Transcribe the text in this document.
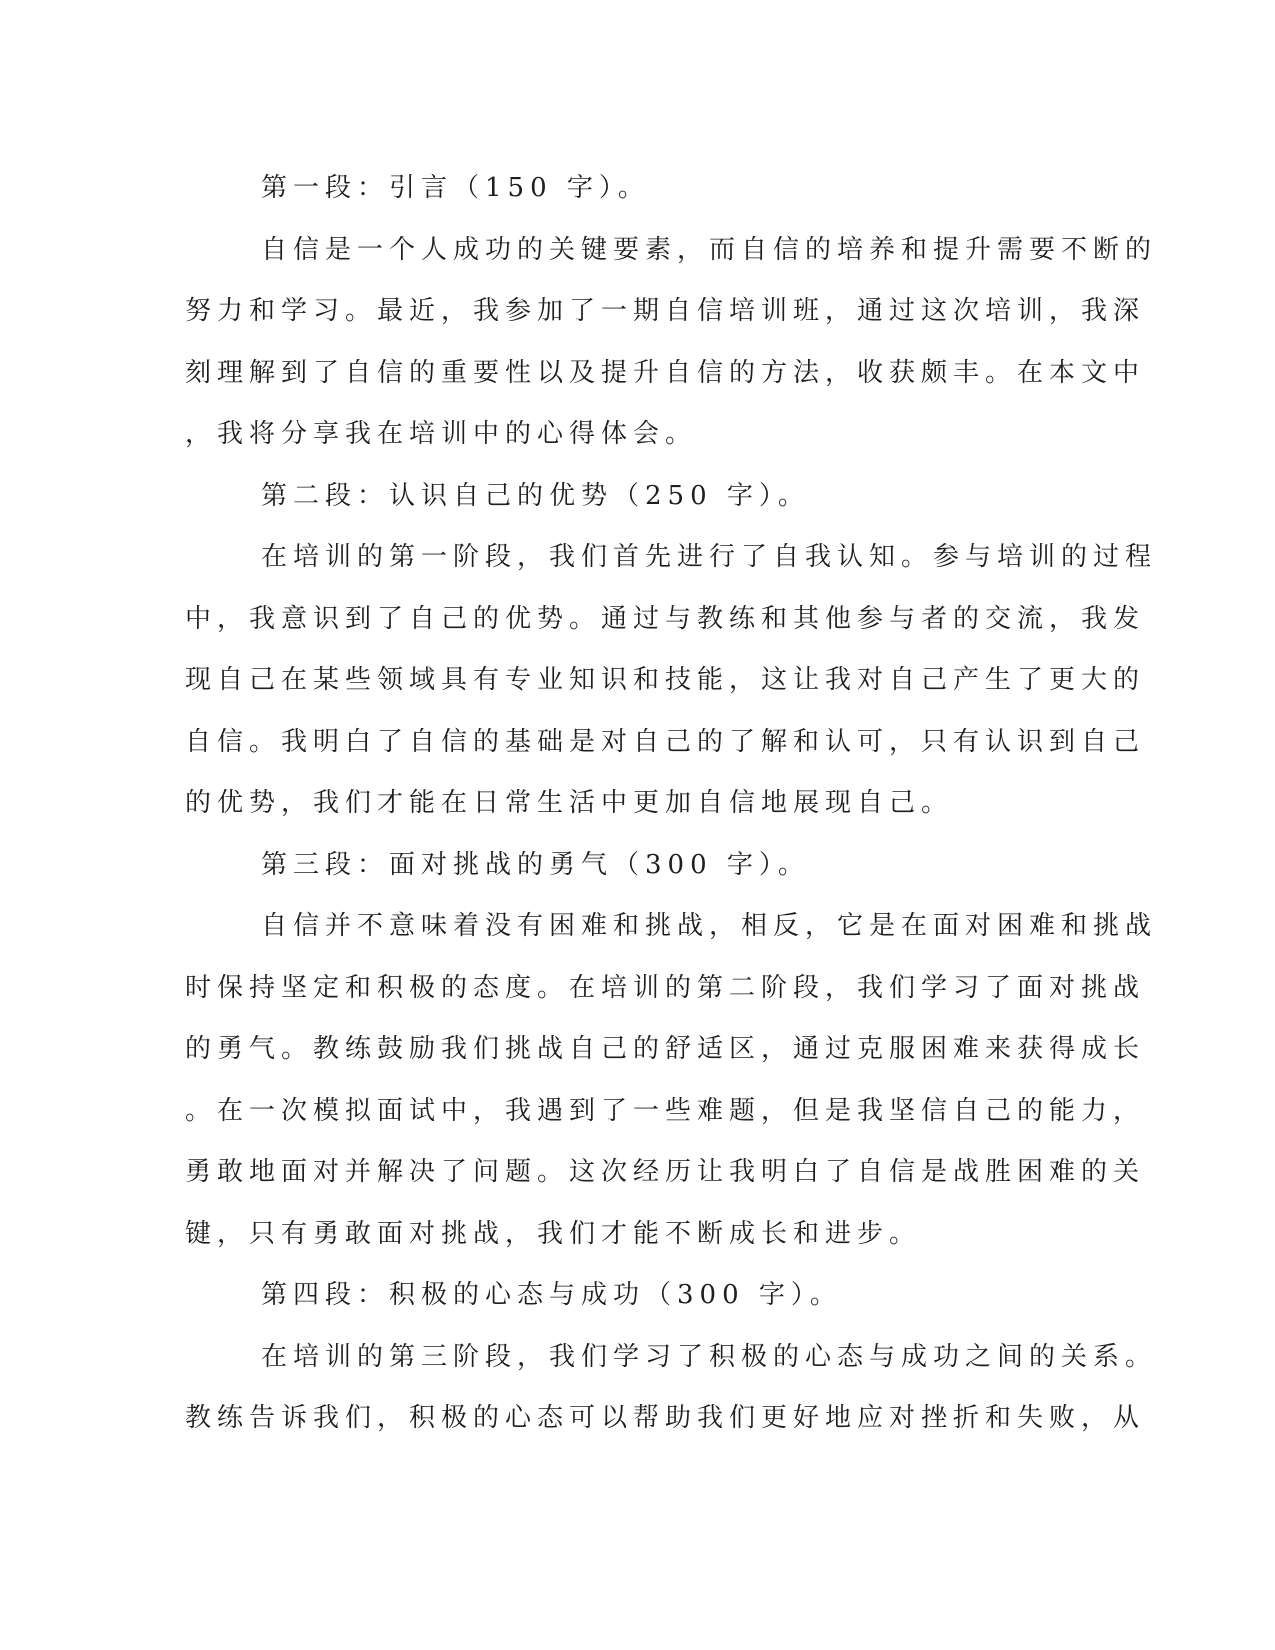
第一段：引言（150 字）。
自信是一个人成功的关键要素，而自信的培养和提升需要不断的
努力和学习。最近，我参加了一期自信培训班，通过这次培训，我深
刻理解到了自信的重要性以及提升自信的方法，收获颇丰。在本文中
，我将分享我在培训中的心得体会。
第二段：认识自己的优势（250 字）。
在培训的第一阶段，我们首先进行了自我认知。参与培训的过程
中，我意识到了自己的优势。通过与教练和其他参与者的交流，我发
现自己在某些领域具有专业知识和技能，这让我对自己产生了更大的
自信。我明白了自信的基础是对自己的了解和认可，只有认识到自己
的优势，我们才能在日常生活中更加自信地展现自己。
第三段：面对挑战的勇气（300 字）。
自信并不意味着没有困难和挑战，相反，它是在面对困难和挑战
时保持坚定和积极的态度。在培训的第二阶段，我们学习了面对挑战
的勇气。教练鼓励我们挑战自己的舒适区，通过克服困难来获得成长
。在一次模拟面试中，我遇到了一些难题，但是我坚信自己的能力，
勇敢地面对并解决了问题。这次经历让我明白了自信是战胜困难的关
键，只有勇敢面对挑战，我们才能不断成长和进步。
第四段：积极的心态与成功（300 字）。
在培训的第三阶段，我们学习了积极的心态与成功之间的关系。
教练告诉我们，积极的心态可以帮助我们更好地应对挫折和失败，从
